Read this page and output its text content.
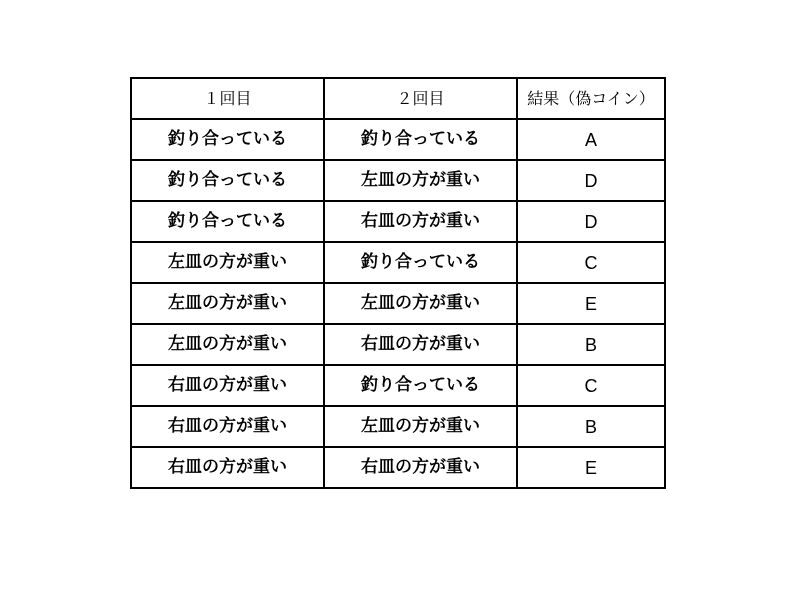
１回目	２回目	結果（偽コイン）
釣り合っている	釣り合っている	A
釣り合っている	左皿の方が重い	D
釣り合っている	右皿の方が重い	D
左皿の方が重い	釣り合っている	C
左皿の方が重い	左皿の方が重い	E
左皿の方が重い	右皿の方が重い	B
右皿の方が重い	釣り合っている	C
右皿の方が重い	左皿の方が重い	B
右皿の方が重い	右皿の方が重い	E
